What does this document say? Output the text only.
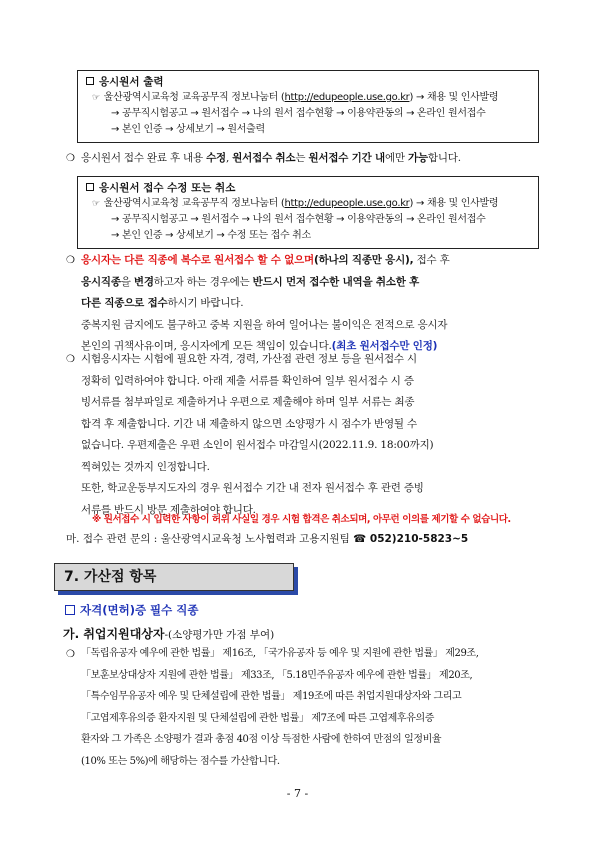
응시원서 출력
☞ 울산광역시교육청 교육공무직 정보나눔터 (http://edupeople.use.go.kr) → 채용 및 인사발령
→ 공무직시험공고 → 원서접수 → 나의 원서 접수현황 → 이용약관동의 → 온라인 원서접수
→ 본인 인증 → 상세보기 → 원서출력
❍ 응시원서 접수 완료 후 내용 수정, 원서접수 취소는 원서접수 기간 내에만 가능합니다.
응시원서 접수 수정 또는 취소
☞ 울산광역시교육청 교육공무직 정보나눔터 (http://edupeople.use.go.kr) → 채용 및 인사발령
→ 공무직시험공고 → 원서접수 → 나의 원서 접수현황 → 이용약관동의 → 온라인 원서접수
→ 본인 인증 → 상세보기 → 수정 또는 접수 취소
❍ 응시자는 다른 직종에 복수로 원서접수 할 수 없으며(하나의 직종만 응시), 접수 후
응시직종을 변경하고자 하는 경우에는 반드시 먼저 접수한 내역을 취소한 후
다른 직종으로 접수하시기 바랍니다.
중복지원 금지에도 불구하고 중복 지원을 하여 일어나는 불이익은 전적으로 응시자
본인의 귀책사유이며, 응시자에게 모든 책임이 있습니다.(최초 원서접수만 인정)
❍ 시험응시자는 시험에 필요한 자격, 경력, 가산점 관련 정보 등을 원서접수 시
정확히 입력하여야 합니다. 아래 제출 서류를 확인하여 일부 원서접수 시 증
빙서류를 첨부파일로 제출하거나 우편으로 제출해야 하며 일부 서류는 최종
합격 후 제출합니다. 기간 내 제출하지 않으면 소양평가 시 점수가 반영될 수
없습니다. 우편제출은 우편 소인이 원서접수 마감일시(2022.11.9. 18:00까지)
찍혀있는 것까지 인정합니다.
또한, 학교운동부지도자의 경우 원서접수 기간 내 전자 원서접수 후 관련 증빙
서류를 반드시 방문 제출하여야 합니다.
※ 원서접수 시 입력한 사항이 허위 사실일 경우 시험 합격은 취소되며, 아무런 이의를 제기할 수 없습니다.
마. 접수 관련 문의 : 울산광역시교육청 노사협력과 고용지원팀 ☎ 052)210-5823~5
7. 가산점 항목
자격(면허)증 필수 직종
가. 취업지원대상자-(소양평가만 가점 부여)
❍ 「독립유공자 예우에 관한 법률」 제16조, 「국가유공자 등 예우 및 지원에 관한 법률」 제29조,
「보훈보상대상자 지원에 관한 법률」 제33조, 「5.18민주유공자 예우에 관한 법률」 제20조,
「특수임무유공자 예우 및 단체설립에 관한 법률」 제19조에 따른 취업지원대상자와 그리고
「고엽제후유의증 환자지원 및 단체설립에 관한 법률」 제7조에 따른 고엽제후유의증
환자와 그 가족은 소양평가 결과 총점 40점 이상 득점한 사람에 한하여 만점의 일정비율
(10% 또는 5%)에 해당하는 점수를 가산합니다.
- 7 -
